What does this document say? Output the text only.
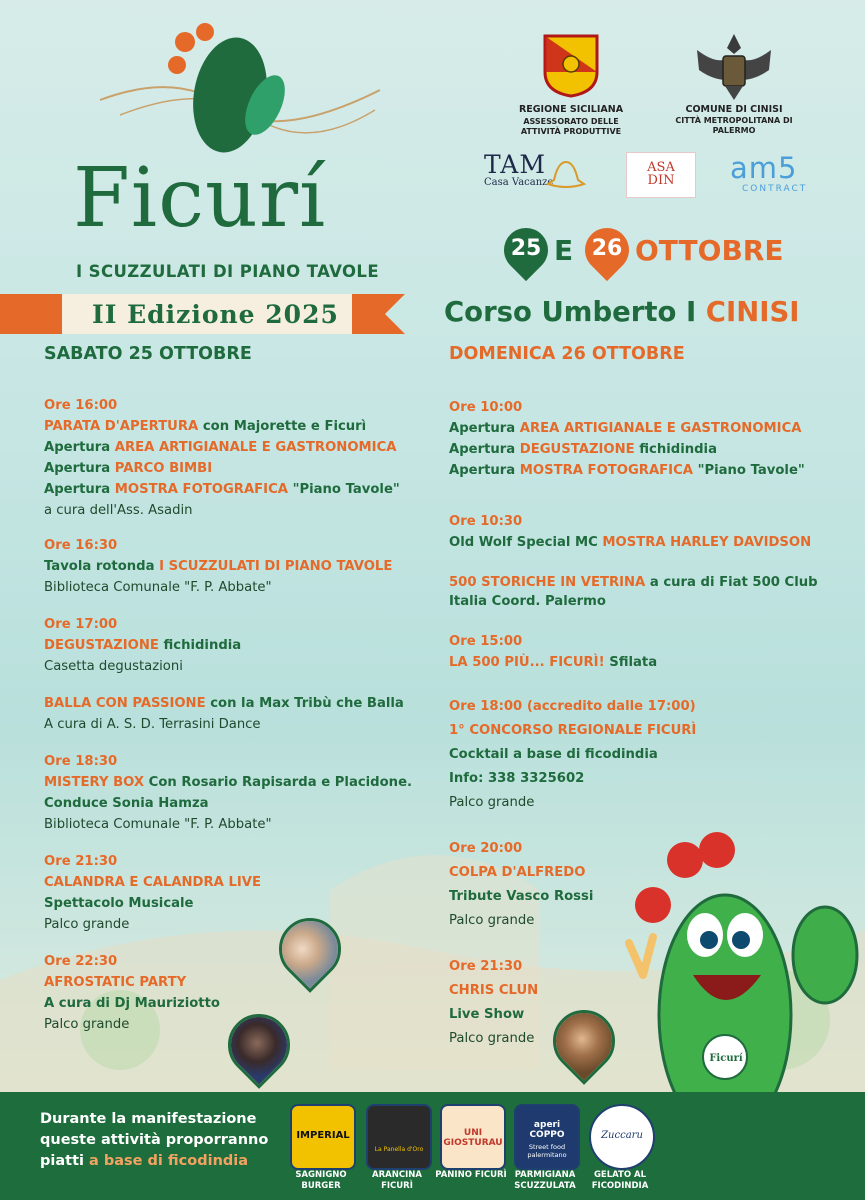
Ficurí
I SCUZZULATI DI PIANO TAVOLE
II Edizione 2025
REGIONE SICILIANA
ASSESSORATO DELLE ATTIVITÀ PRODUTTIVE
COMUNE DI CINISI
CITTÀ METROPOLITANA DI PALERMO
TAM
Casa Vacanze
ASA
DIN	am5
CONTRACT
25 E 26 OTTOBRE
Corso Umberto I CINISI
SABATO 25 OTTOBRE	DOMENICA 26 OTTOBRE
Ore 16:00
PARATA D'APERTURA con Majorette e Ficurì
Apertura AREA ARTIGIANALE E GASTRONOMICA
Apertura PARCO BIMBI
Apertura MOSTRA FOTOGRAFICA "Piano Tavole"
a cura dell'Ass. Asadin
Ore 16:30
Tavola rotonda I SCUZZULATI DI PIANO TAVOLE
Biblioteca Comunale "F. P. Abbate"
Ore 17:00
DEGUSTAZIONE fichidindia
Casetta degustazioni
BALLA CON PASSIONE con la Max Tribù che Balla
A cura di A. S. D. Terrasini Dance
Ore 18:30
MISTERY BOX Con Rosario Rapisarda e Placidone.
Conduce Sonia Hamza
Biblioteca Comunale "F. P. Abbate"
Ore 21:30
CALANDRA E CALANDRA LIVE
Spettacolo Musicale
Palco grande
Ore 22:30
AFROSTATIC PARTY
A cura di Dj Mauriziotto
Palco grande
Ore 10:00
Apertura AREA ARTIGIANALE E GASTRONOMICA
Apertura DEGUSTAZIONE fichidindia
Apertura MOSTRA FOTOGRAFICA "Piano Tavole"
Ore 10:30
Old Wolf Special MC MOSTRA HARLEY DAVIDSON
500 STORICHE IN VETRINA a cura di Fiat 500 Club
Italia Coord. Palermo
Ore 15:00
LA 500 PIÙ... FICURÌ! Sfilata
Ore 18:00 (accredito dalle 17:00)
1° CONCORSO REGIONALE FICURÌ
Cocktail a base di ficodindia
Info: 338 3325602
Palco grande
Ore 20:00
COLPA D'ALFREDO
Tribute Vasco Rossi
Palco grande
Ore 21:30
CHRIS CLUN
Live Show
Palco grande
Ficurí
Durante la manifestazione
queste attività proporranno
piatti a base di ficodindia
IMPERIAL
SAGNIGNO BURGER
La Panella d'Oro
ARANCINA FICURÌ
UNI GIOSTURAU
PANINO FICURÌ
aperi COPPO
Street food palermitano
PARMIGIANA SCUZZULATA
Zuccaru
GELATO AL FICODINDIA
